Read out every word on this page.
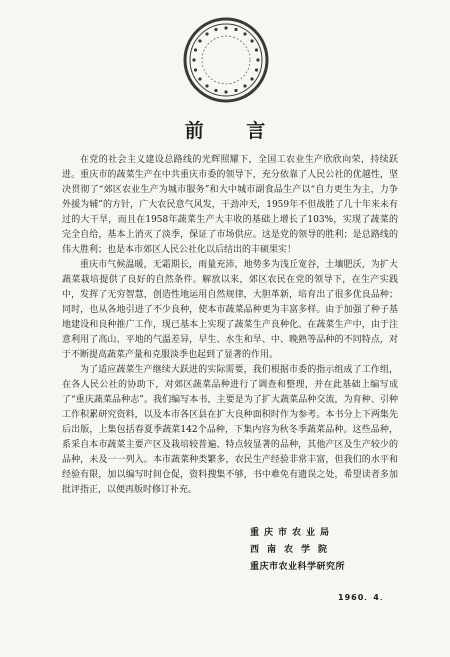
前 言

在党的社会主义建设总路线的光辉照耀下，全国工农业生产欣欣向荣，持续跃进。重庆市的蔬菜生产在中共重庆市委的领导下，充分依靠了人民公社的优越性，坚决贯彻了“郊区农业生产为城市服务”和大中城市副食品生产以“自力更生为主，力争外援为辅”的方针，广大农民意气风发，干劲冲天，1959年不但战胜了几十年来未有过的大干旱，而且在1958年蔬菜生产大丰收的基础上增长了103%，实现了蔬菜的完全自给，基本上消灭了淡季，保证了市场供应。这是党的领导的胜利；是总路线的伟大胜利；也是本市郊区人民公社化以后结出的丰硕果实！

重庆市气候温暖，无霜期长，雨量充沛，地势多为浅丘宽谷，土壤肥沃，为扩大蔬菜栽培提供了良好的自然条件。解放以来，郊区农民在党的领导下，在生产实践中，发挥了无穷智慧，创造性地运用自然规律，大胆革新，培育出了很多优良品种；同时，也从各地引进了不少良种，使本市蔬菜品种更为丰富多样。由于加强了种子基地建设和良种推广工作，现已基本上实现了蔬菜生产良种化。在蔬菜生产中，由于注意利用了高山、平地的气温差异，早生、水生和旱、中、晚熟等品种的不同特点，对于不断提高蔬菜产量和克服淡季也起到了显著的作用。

为了适应蔬菜生产继续大跃进的实际需要，我们根据市委的指示组成了工作组，在各人民公社的协助下，对郊区蔬菜品种进行了调查和整理，并在此基础上编写成了“重庆蔬菜品种志”。我们编写本书，主要是为了扩大蔬菜品种交流，为育种、引种工作积累研究资料，以及本市各区县在扩大良种面积时作为参考。本书分上下两集先后出版，上集包括春夏季蔬菜142个品种，下集内容为秋冬季蔬菜品种。这些品种，系采自本市蔬菜主要产区及栽培较普遍、特点较显著的品种，其他产区及生产较少的品种，未及一一列入。本市蔬菜种类繁多，农民生产经验非常丰富，但我们的水平和经验有限，加以编写时间仓促，资料搜集不够，书中难免有遗误之处，希望读者多加批评指正，以便再版时修订补充。

重庆市农业局
西南农学院
重庆市农业科学研究所
1960．4．
